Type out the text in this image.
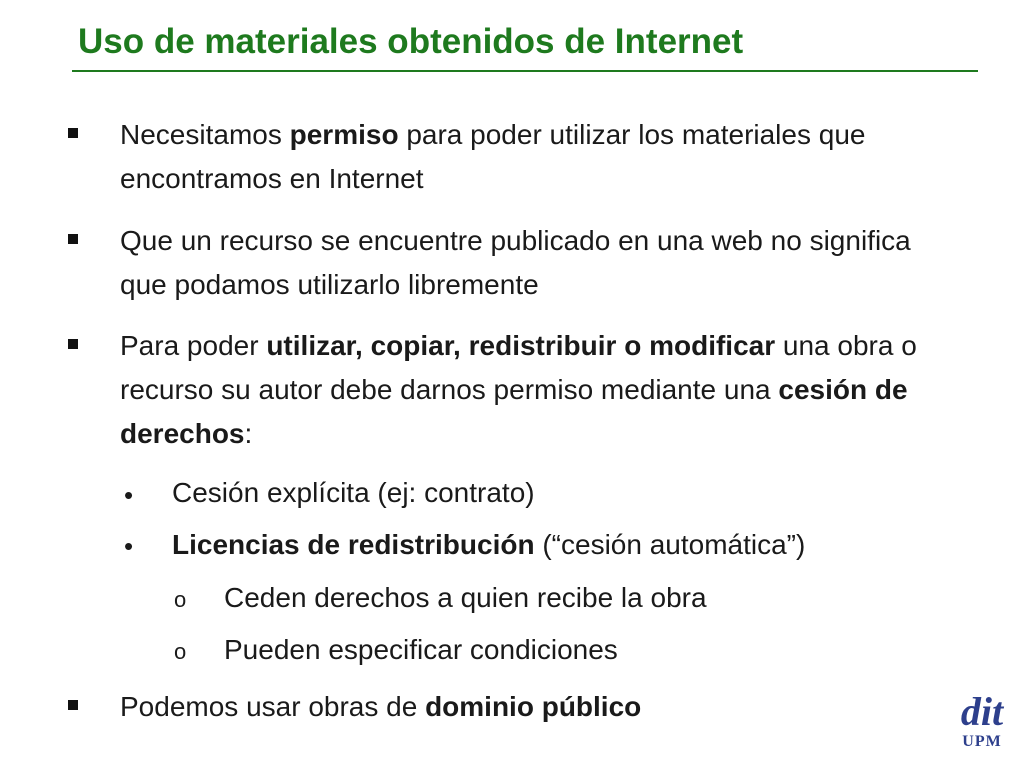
Uso de materiales obtenidos de Internet
Necesitamos permiso para poder utilizar los materiales que encontramos en Internet
Que un recurso se encuentre publicado en una web no significa que podamos utilizarlo libremente
Para poder utilizar, copiar, redistribuir o modificar una obra o recurso su autor debe darnos permiso mediante una cesión de derechos:
• Cesión explícita (ej: contrato)
• Licencias de redistribución (“cesión automática”)
o Ceden derechos a quien recibe la obra
o Pueden especificar condiciones
Podemos usar obras de dominio público	dit
UPM
